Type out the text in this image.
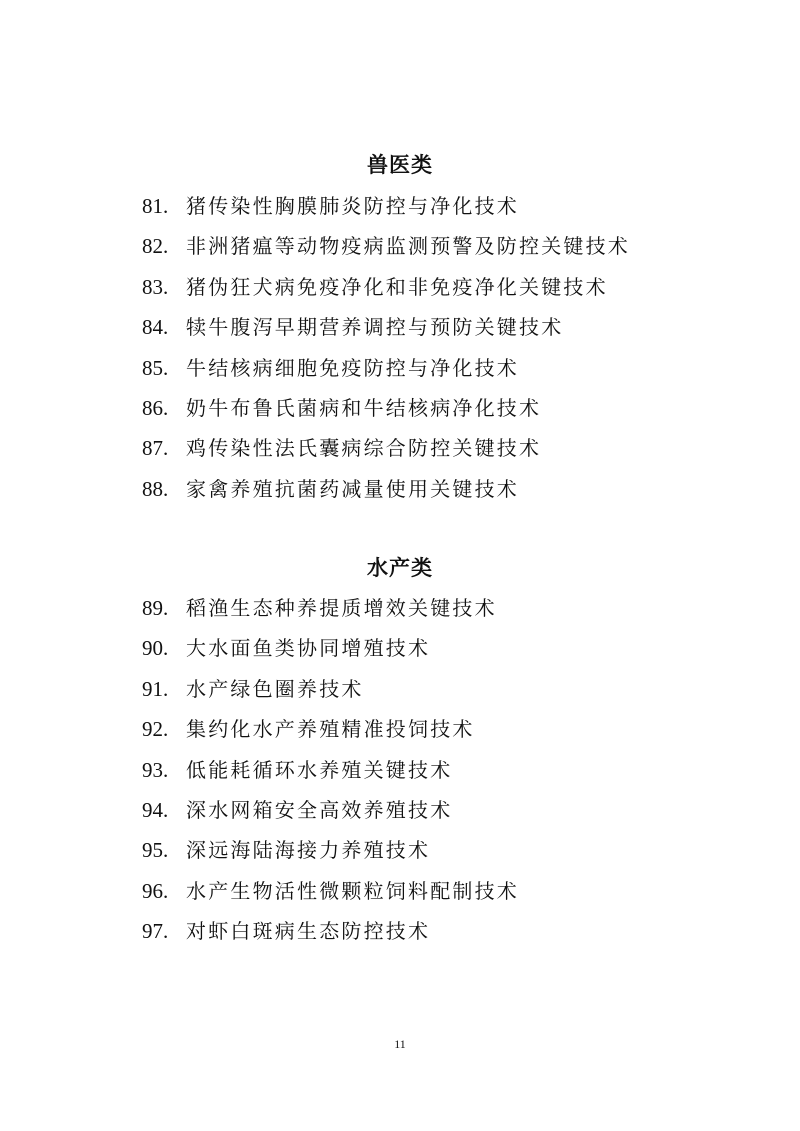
兽医类
81. 猪传染性胸膜肺炎防控与净化技术
82. 非洲猪瘟等动物疫病监测预警及防控关键技术
83. 猪伪狂犬病免疫净化和非免疫净化关键技术
84. 犊牛腹泻早期营养调控与预防关键技术
85. 牛结核病细胞免疫防控与净化技术
86. 奶牛布鲁氏菌病和牛结核病净化技术
87. 鸡传染性法氏囊病综合防控关键技术
88. 家禽养殖抗菌药减量使用关键技术
水产类
89. 稻渔生态种养提质增效关键技术
90. 大水面鱼类协同增殖技术
91. 水产绿色圈养技术
92. 集约化水产养殖精准投饲技术
93. 低能耗循环水养殖关键技术
94. 深水网箱安全高效养殖技术
95. 深远海陆海接力养殖技术
96. 水产生物活性微颗粒饲料配制技术
97. 对虾白斑病生态防控技术
11
